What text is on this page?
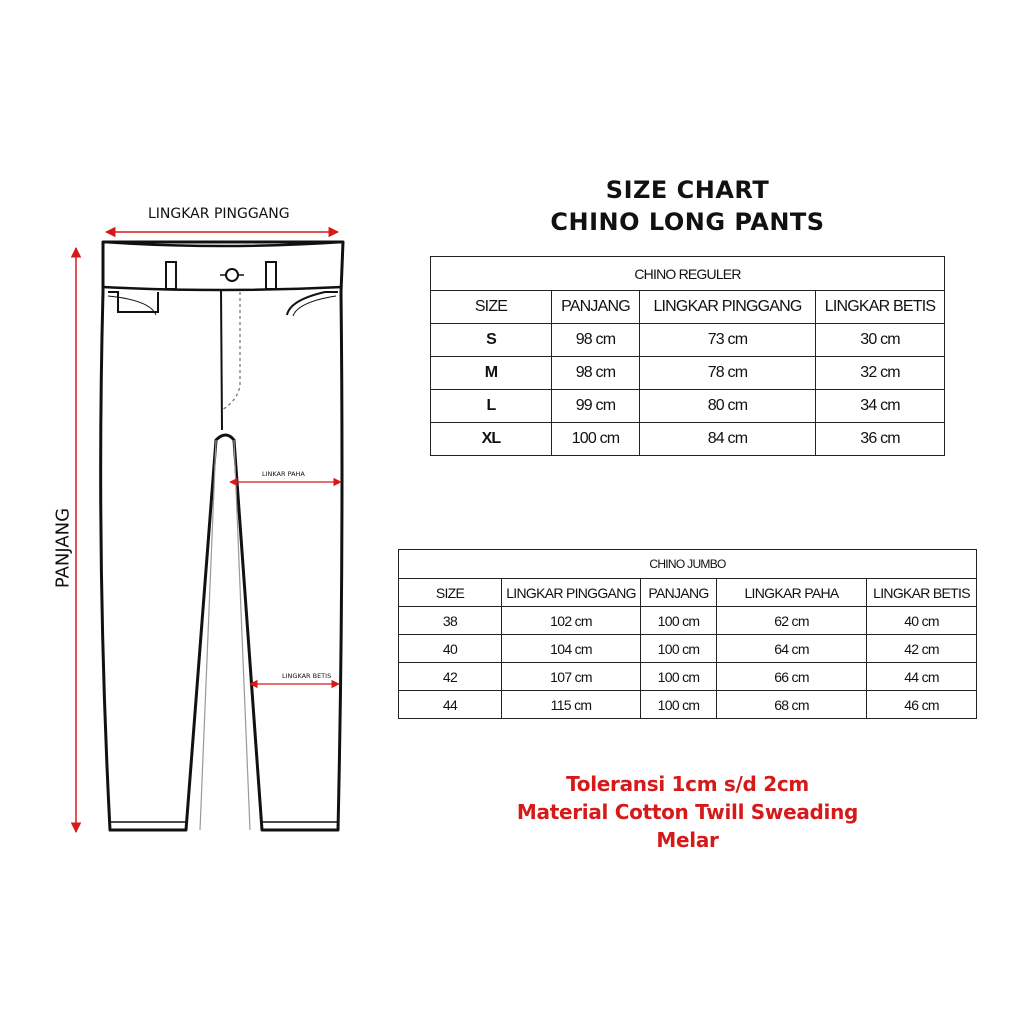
LINGKAR PINGGANG
PANJANG
LINKAR PAHA
LINGKAR BETIS
SIZE CHART
CHINO LONG PANTS
CHINO REGULER			
SIZE	PANJANG	LINGKAR PINGGANG	LINGKAR BETIS
S	98 cm	73 cm	30 cm
M	98 cm	78 cm	32 cm
L	99 cm	80 cm	34 cm
XL	100 cm	84 cm	36 cm
CHINO JUMBO				
SIZE	LINGKAR PINGGANG	PANJANG	LINGKAR PAHA	LINGKAR BETIS
38	102 cm	100 cm	62 cm	40 cm
40	104 cm	100 cm	64 cm	42 cm
42	107 cm	100 cm	66 cm	44 cm
44	115 cm	100 cm	68 cm	46 cm
Toleransi 1cm s/d 2cm
Material Cotton Twill Sweading
Melar
